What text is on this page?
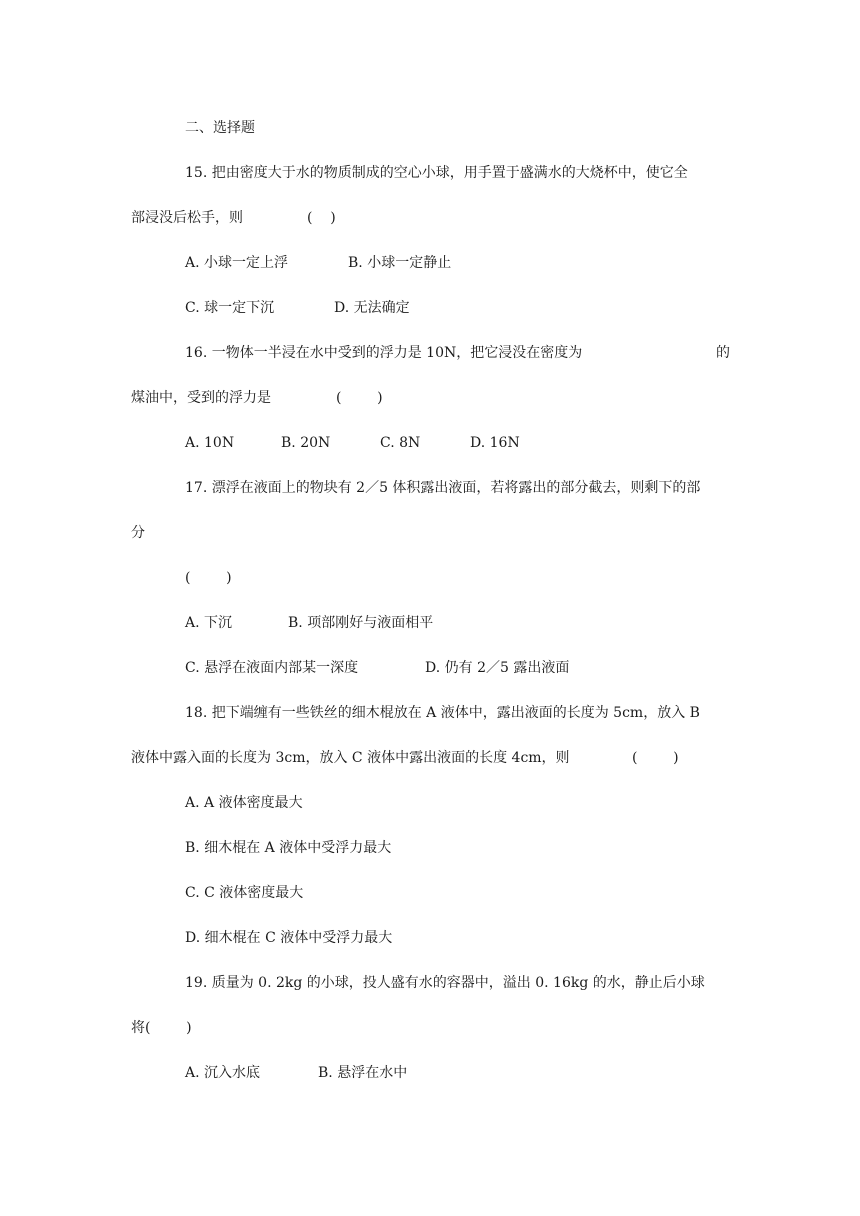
二、选择题
15. 把由密度大于水的物质制成的空心小球，用手置于盛满水的大烧杯中，使它全

部浸没后松手，则

	(    )

A. 小球一定上浮

	B. 小球一定静止

C. 球一定下沉

	D. 无法确定

16. 一物体一半浸在水中受到的浮力是 10N，把它浸没在密度为

	的

煤油中，受到的浮力是

	(        )

A. 10N

	B. 20N

	C. 8N

	D. 16N

17. 漂浮在液面上的物块有 2／5 体积露出液面，若将露出的部分截去，则剩下的部
分
(        )

A. 下沉

	B. 项部刚好与液面相平

C. 悬浮在液面内部某一深度

	D. 仍有 2／5 露出液面

18. 把下端缠有一些铁丝的细木棍放在 A 液体中，露出液面的长度为 5cm，放入 B

液体中露入面的长度为 3cm，放入 C 液体中露出液面的长度 4cm，则

	(        )

A. A 液体密度最大
B. 细木棍在 A 液体中受浮力最大
C. C 液体密度最大
D. 细木棍在 C 液体中受浮力最大
19. 质量为 0. 2kg 的小球，投人盛有水的容器中，溢出 0. 16kg 的水，静止后小球
将(        )

A. 沉入水底

	B. 悬浮在水中
